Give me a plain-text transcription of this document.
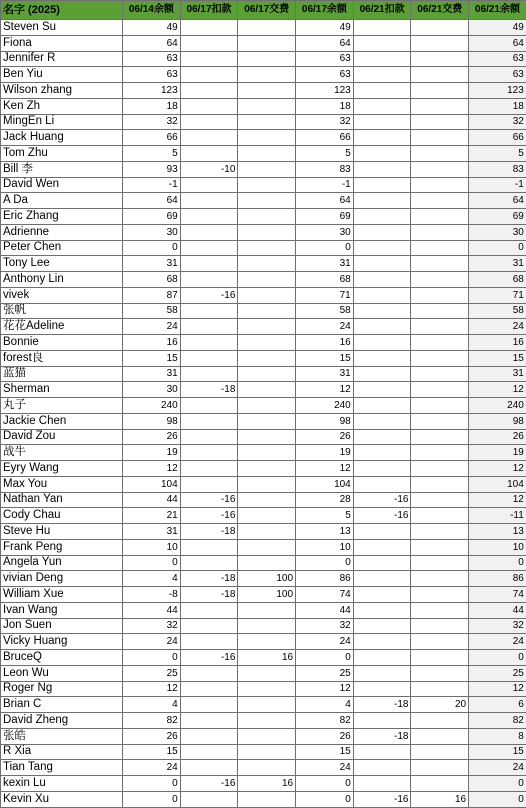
名字 (2025)	06/14余额	06/17扣款	06/17交费	06/17余额	06/21扣款	06/21交费	06/21余额
Steven Su	49			49			49
Fiona	64			64			64
Jennifer R	63			63			63
Ben Yiu	63			63			63
Wilson zhang	123			123			123
Ken Zh	18			18			18
MingEn Li	32			32			32
Jack Huang	66			66			66
Tom Zhu	5			5			5
Bill 李	93	-10		83			83
David Wen	-1			-1			-1
A Da	64			64			64
Eric Zhang	69			69			69
Adrienne	30			30			30
Peter Chen	0			0			0
Tony Lee	31			31			31
Anthony Lin	68			68			68
vivek	87	-16		71			71
张帆	58			58			58
花花Adeline	24			24			24
Bonnie	16			16			16
forest良	15			15			15
蓝猫	31			31			31
Sherman	30	-18		12			12
丸子	240			240			240
Jackie Chen	98			98			98
David Zou	26			26			26
战牛	19			19			19
Eyry Wang	12			12			12
Max You	104			104			104
Nathan Yan	44	-16		28	-16		12
Cody Chau	21	-16		5	-16		-11
Steve Hu	31	-18		13			13
Frank Peng	10			10			10
Angela Yun	0			0			0
vivian Deng	4	-18	100	86			86
William Xue	-8	-18	100	74			74
Ivan Wang	44			44			44
Jon Suen	32			32			32
Vicky Huang	24			24			24
BruceQ	0	-16	16	0			0
Leon Wu	25			25			25
Roger Ng	12			12			12
Brian C	4			4	-18	20	6
David Zheng	82			82			82
张皓	26			26	-18		8
R Xia	15			15			15
Tian Tang	24			24			24
kexin Lu	0	-16	16	0			0
Kevin Xu	0			0	-16	16	0
